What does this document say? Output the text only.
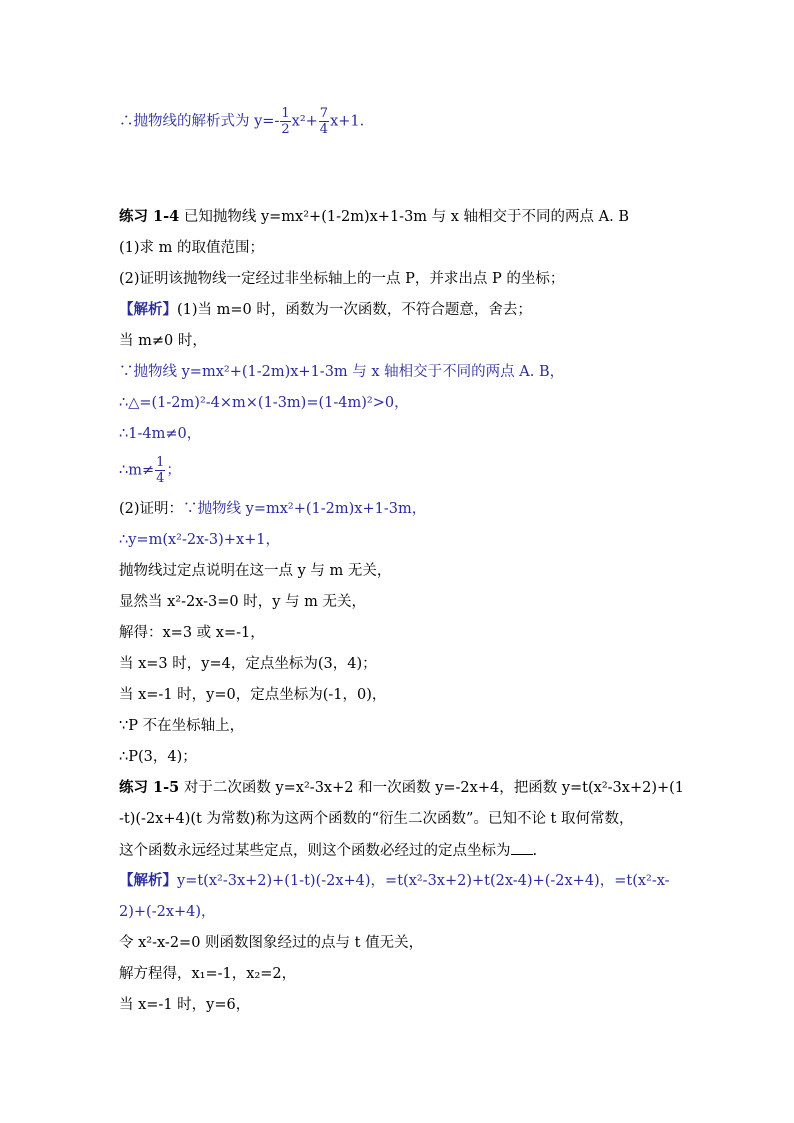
∴抛物线的解析式为 $y=- \frac{1}{2} x^2+ \frac{7}{4} x+1$.
练习 1-4 已知抛物线 y=mx²+(1-2m)x+1-3m 与 x 轴相交于不同的两点 A. B
(1)求 m 的取值范围；
(2)证明该抛物线一定经过非坐标轴上的一点 P，并求出点 P 的坐标；
【解析】(1)当 m=0 时，函数为一次函数，不符合题意，舍去；
当 m≠0 时，
∵抛物线 y=mx²+(1-2m)x+1-3m 与 x 轴相交于不同的两点 A. B，
∴△=(1-2m)²-4×m×(1-3m)=(1-4m)²>0，
∴1-4m≠0，
∴m≠ $\frac{1}{4}$ ；
(2)证明：∵抛物线 y=mx²+(1-2m)x+1-3m，
∴y=m(x²-2x-3)+x+1，
抛物线过定点说明在这一点 y 与 m 无关，
显然当 x²-2x-3=0 时，y 与 m 无关，
解得：x=3 或 x=-1，
当 x=3 时，y=4，定点坐标为(3，4)；
当 x=-1 时，y=0，定点坐标为(-1，0)，
∵P 不在坐标轴上，
∴P(3，4)；
练习 1-5 对于二次函数 y=x²-3x+2 和一次函数 y=-2x+4，把函数 y=t(x²-3x+2)+(1
-t)(-2x+4)(t 为常数)称为这两个函数的“衍生二次函数”。已知不论 t 取何常数，
这个函数永远经过某些定点，则这个函数必经过的定点坐标为 .
【解析】y=t(x²-3x+2)+(1-t)(-2x+4)，=t(x²-3x+2)+t(2x-4)+(-2x+4)，=t(x²-x-
2)+(-2x+4)，
令 x²-x-2=0 则函数图象经过的点与 t 值无关，
解方程得，x₁=-1，x₂=2，
当 x=-1 时，y=6，
